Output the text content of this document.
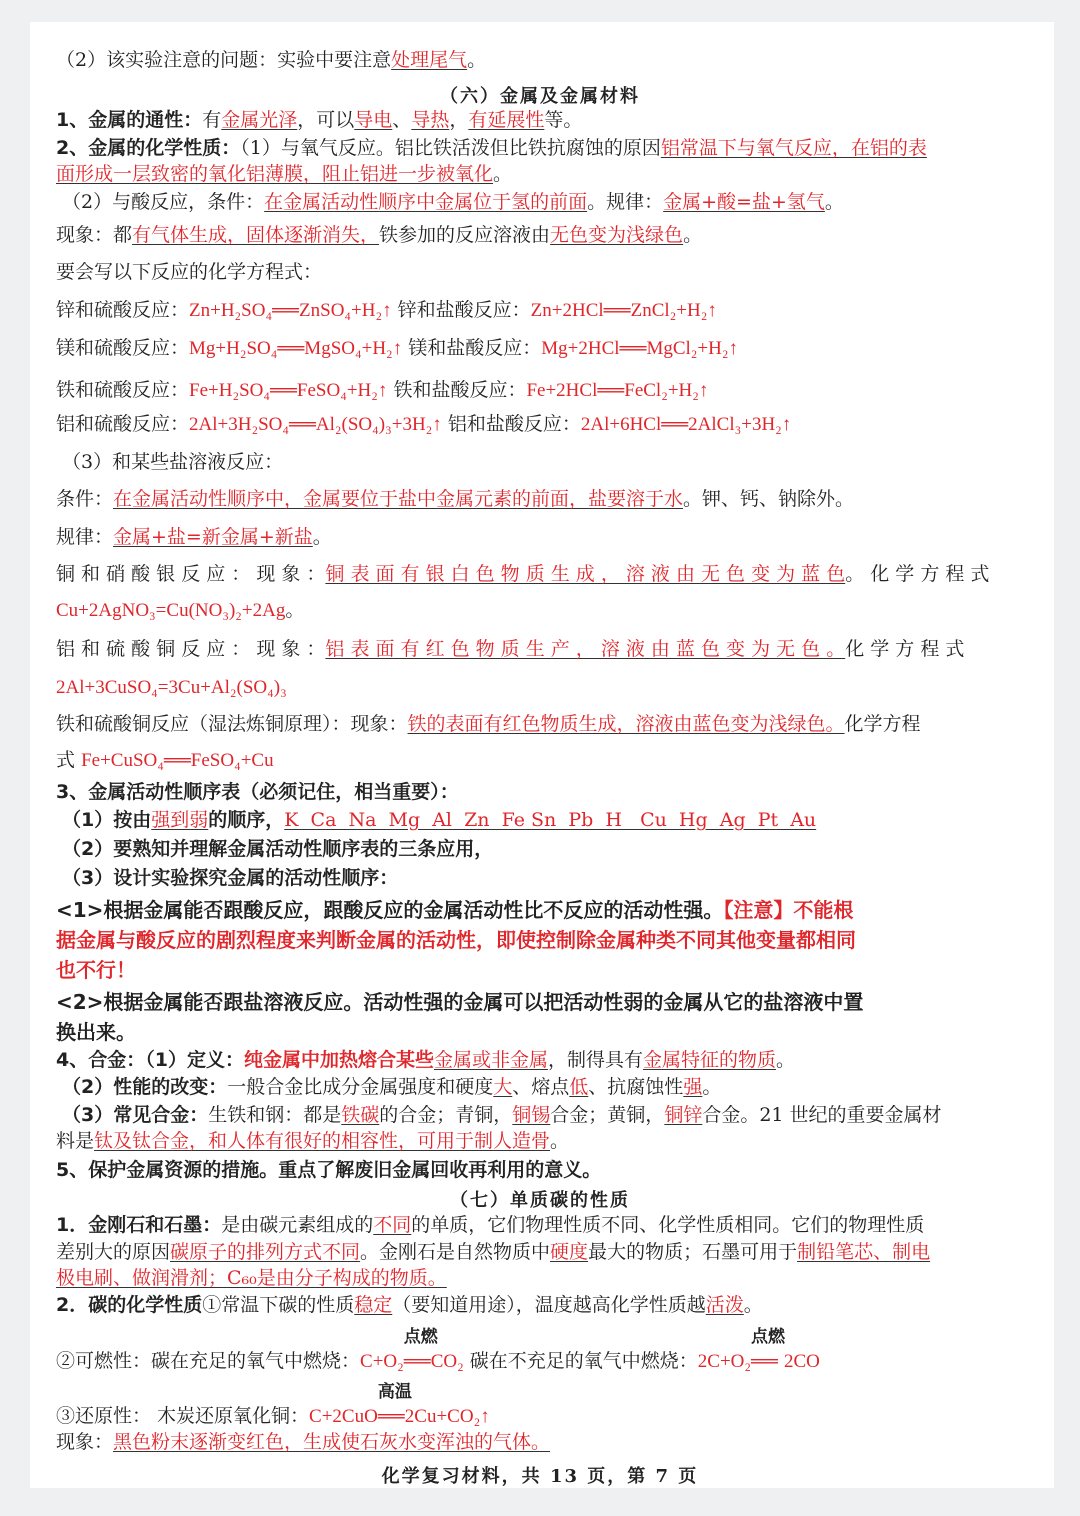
（2）该实验注意的问题：实验中要注意处理尾气。
（六）金属及金属材料
1、金属的通性：有金属光泽，可以导电、导热，有延展性等。
2、金属的化学性质：（1）与氧气反应。铝比铁活泼但比铁抗腐蚀的原因铝常温下与氧气反应，在铝的表
面形成一层致密的氧化铝薄膜，阻止铝进一步被氧化。
（2）与酸反应，条件：在金属活动性顺序中金属位于氢的前面。规律：金属+酸=盐+氢气。
现象：都有气体生成，固体逐渐消失，铁参加的反应溶液由无色变为浅绿色。
要会写以下反应的化学方程式：
锌和硫酸反应：Zn+H₂SO₄══ZnSO₄+H₂↑ 锌和盐酸反应：Zn+2HCl══ZnCl₂+H₂↑
镁和硫酸反应：Mg+H₂SO₄══MgSO₄+H₂↑ 镁和盐酸反应：Mg+2HCl══MgCl₂+H₂↑
铁和硫酸反应：Fe+H₂SO₄══FeSO₄+H₂↑ 铁和盐酸反应：Fe+2HCl══FeCl₂+H₂↑
铝和硫酸反应：2Al+3H₂SO₄══Al₂(SO₄)₃+3H₂↑ 铝和盐酸反应：2Al+6HCl══2AlCl₃+3H₂↑
（3）和某些盐溶液反应：
条件：在金属活动性顺序中，金属要位于盐中金属元素的前面，盐要溶于水。钾、钙、钠除外。
规律：金属+盐=新金属+新盐。
铜 和 硝 酸 银 反 应 ： 现 象 ：铜 表 面 有 银 白 色 物 质 生 成 ， 溶 液 由 无 色 变 为 蓝 色。 化 学 方 程 式
Cu+2AgNO₃=Cu(NO₃)₂+2Ag。
铝 和 硫 酸 铜 反 应 ： 现 象 ：铝 表 面 有 红 色 物 质 生 产 ， 溶 液 由 蓝 色 变 为 无 色 。化 学 方 程 式
2Al+3CuSO₄=3Cu+Al₂(SO₄)₃
铁和硫酸铜反应（湿法炼铜原理）：现象：铁的表面有红色物质生成，溶液由蓝色变为浅绿色。化学方程
式 Fe+CuSO₄══FeSO₄+Cu
3、金属活动性顺序表（必须记住，相当重要）：
（1）按由强到弱的顺序，K  Ca  Na  Mg  Al  Zn  Fe Sn  Pb  H   Cu  Hg  Ag  Pt  Au
（2）要熟知并理解金属活动性顺序表的三条应用，
（3）设计实验探究金属的活动性顺序：
<1>根据金属能否跟酸反应，跟酸反应的金属活动性比不反应的活动性强。【注意】不能根
据金属与酸反应的剧烈程度来判断金属的活动性，即使控制除金属种类不同其他变量都相同
也不行！
<2>根据金属能否跟盐溶液反应。活动性强的金属可以把活动性弱的金属从它的盐溶液中置
换出来。
4、合金：（1）定义：纯金属中加热熔合某些金属或非金属，制得具有金属特征的物质。
（2）性能的改变：一般合金比成分金属强度和硬度大、熔点低、抗腐蚀性强。
（3）常见合金：生铁和钢：都是铁碳的合金；青铜，铜锡合金；黄铜，铜锌合金。21 世纪的重要金属材
料是钛及钛合金，和人体有很好的相容性，可用于制人造骨。
5、保护金属资源的措施。重点了解废旧金属回收再利用的意义。
（七）单质碳的性质
1．金刚石和石墨：是由碳元素组成的不同的单质，它们物理性质不同、化学性质相同。它们的物理性质
差别大的原因碳原子的排列方式不同。金刚石是自然物质中硬度最大的物质；石墨可用于制铅笔芯、制电
极电刷、做润滑剂；C₆₀是由分子构成的物质。
2．碳的化学性质①常温下碳的性质稳定（要知道用途），温度越高化学性质越活泼。
②可燃性：碳在充足的氧气中燃烧：C+O₂
点燃
══CO₂ 碳在不充足的氧气中燃烧：2C+O₂
点燃
══ 2CO
③还原性： 木炭还原氧化铜：C+2CuO
高温
══2Cu+CO₂↑
现象：黑色粉末逐渐变红色，生成使石灰水变浑浊的气体。
化学复习材料，共 13 页，第 7 页
